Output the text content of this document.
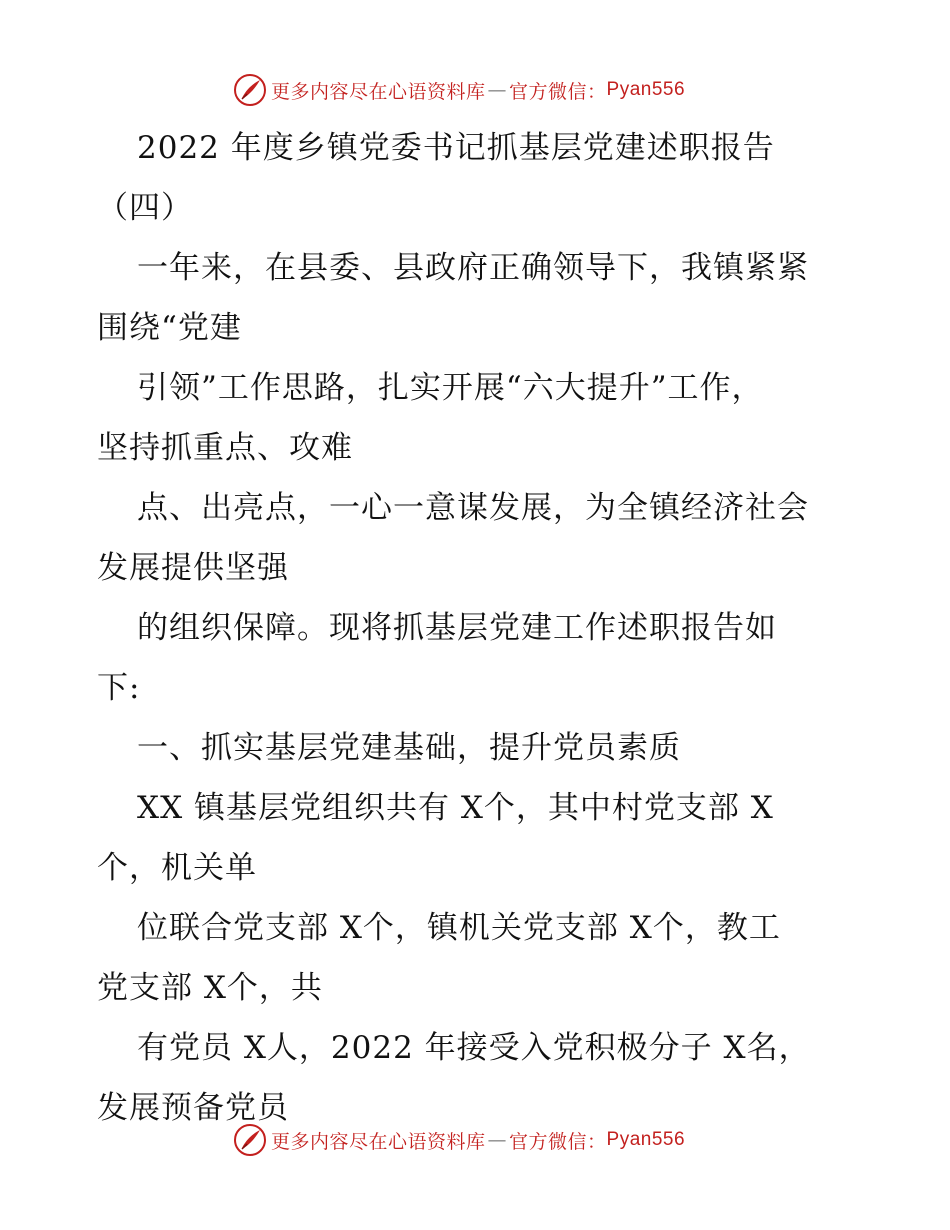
更多内容尽在心语资料库 — 官方微信： Pyan556
2022 年度乡镇党委书记抓基层党建述职报告
（四）
一年来，在县委、县政府正确领导下，我镇紧紧
围绕“党建
引领”工作思路，扎实开展“六大提升”工作，
坚持抓重点、攻难
点、出亮点，一心一意谋发展，为全镇经济社会
发展提供坚强
的组织保障。现将抓基层党建工作述职报告如
下:
一、抓实基层党建基础，提升党员素质
XX 镇基层党组织共有 X个，其中村党支部 X
个，机关单
位联合党支部 X个，镇机关党支部 X个，教工
党支部 X个，共
有党员 X人，2022 年接受入党积极分子 X名，
发展预备党员
更多内容尽在心语资料库 — 官方微信： Pyan556
